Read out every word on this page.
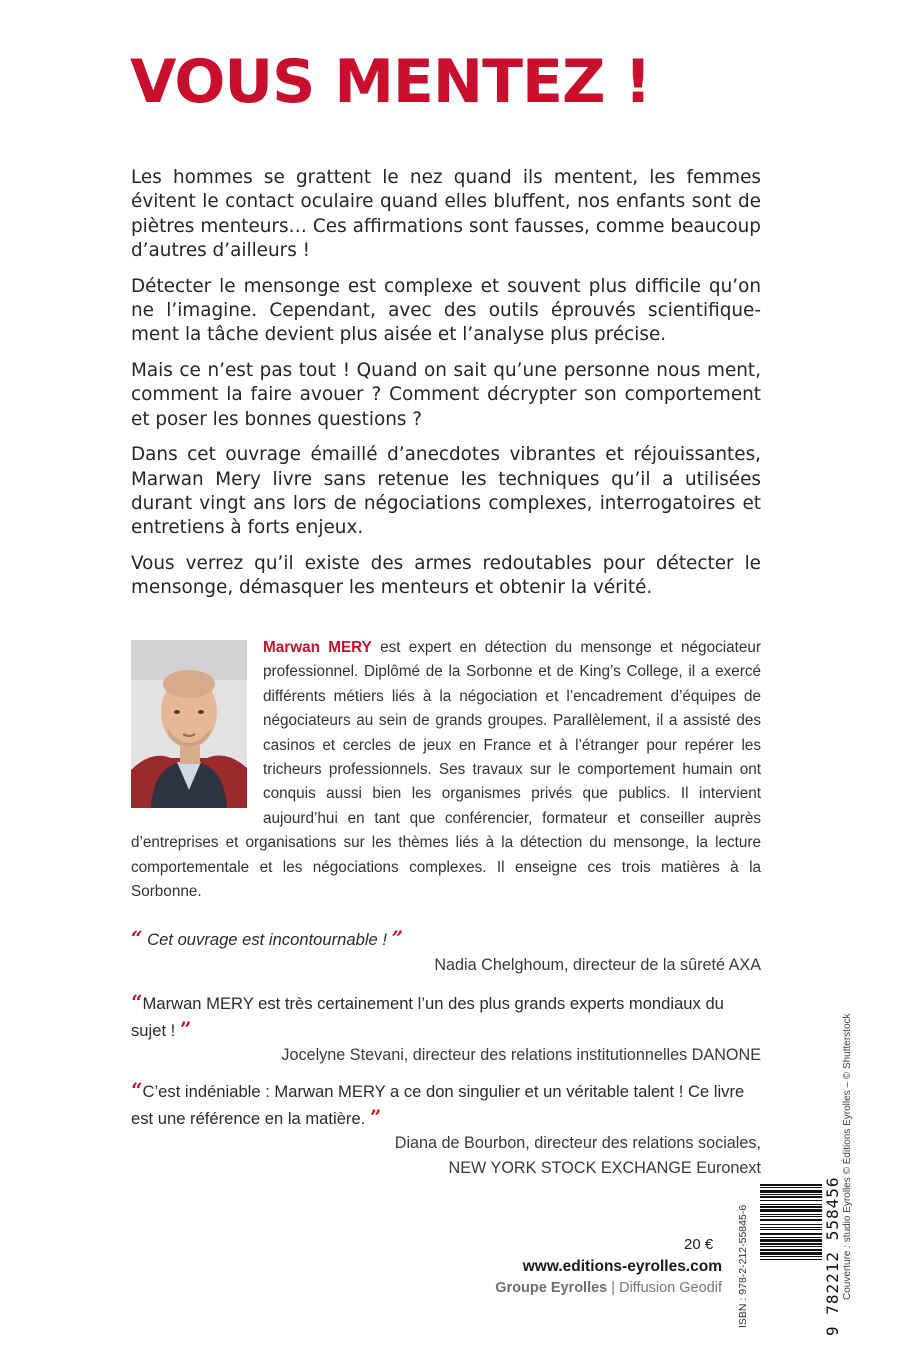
VOUS MENTEZ !

Les hommes se grattent le nez quand ils mentent, les femmes évitent le contact oculaire quand elles bluffent, nos enfants sont de piètres menteurs… Ces affirmations sont fausses, comme beaucoup d’autres d’ailleurs !

Détecter le mensonge est complexe et souvent plus difficile qu’on ne l’imagine. Cependant, avec des outils éprouvés scientifique-ment la tâche devient plus aisée et l’analyse plus précise.

Mais ce n’est pas tout ! Quand on sait qu’une personne nous ment, comment la faire avouer ? Comment décrypter son comportement et poser les bonnes questions ?

Dans cet ouvrage émaillé d’anecdotes vibrantes et réjouissantes, Marwan Mery livre sans retenue les techniques qu’il a utilisées durant vingt ans lors de négociations complexes, interrogatoires et entretiens à forts enjeux.

Vous verrez qu’il existe des armes redoutables pour détecter le mensonge, démasquer les menteurs et obtenir la vérité.

Marwan MERY est expert en détection du mensonge et négociateur professionnel. Diplômé de la Sorbonne et de King’s College, il a exercé différents métiers liés à la négociation et l’encadrement d’équipes de négociateurs au sein de grands groupes. Parallèlement, il a assisté des casinos et cercles de jeux en France et à l’étranger pour repérer les tricheurs professionnels. Ses travaux sur le comportement humain ont conquis aussi bien les organismes privés que publics. Il intervient aujourd’hui en tant que conférencier, formateur et conseiller auprès d’entreprises et organisations sur les thèmes liés à la détection du mensonge, la lecture comportementale et les négociations complexes. Il enseigne ces trois matières à la Sorbonne.
“ Cet ouvrage est incontournable ! ”
Nadia Chelghoum, directeur de la sûreté AXA
“Marwan MERY est très certainement l’un des plus grands experts mondiaux du sujet ! ”
Jocelyne Stevani, directeur des relations institutionnelles DANONE
“C’est indéniable : Marwan MERY a ce don singulier et un véritable talent ! Ce livre est une référence en la matière. ”
Diana de Bourbon, directeur des relations sociales,
NEW YORK STOCK EXCHANGE Euronext
20 €
www.editions-eyrolles.com
Groupe Eyrolles | Diffusion Geodif ISBN : 978-2-212-55845-6	9 782212 558456 Couverture : studio Eyrolles © Éditions Eyrolles – © Shutterstock
